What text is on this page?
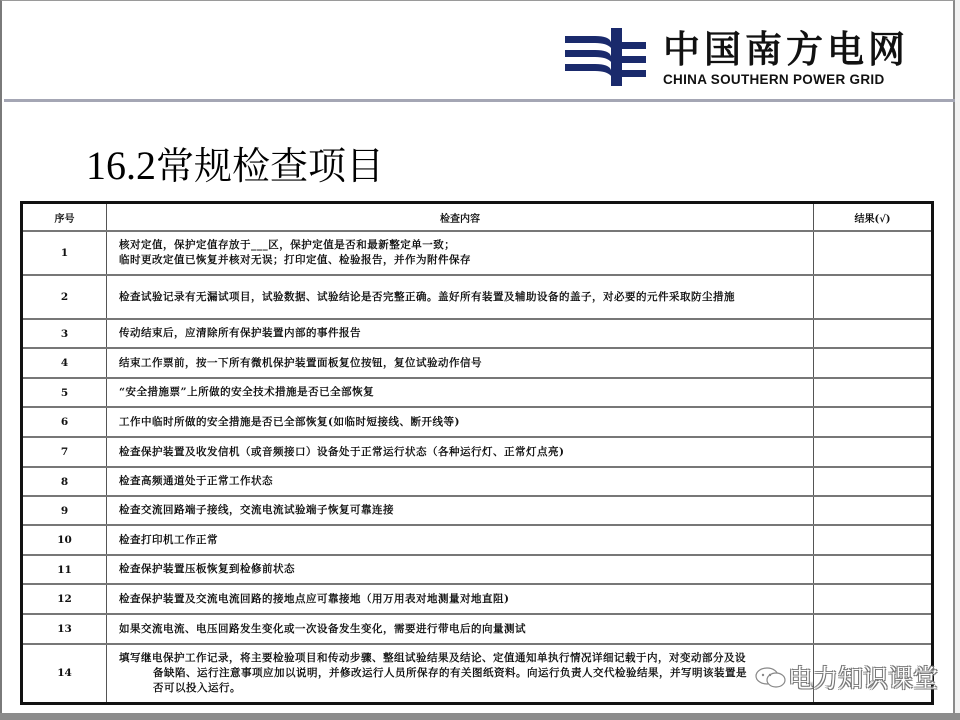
中国南方电网
CHINA SOUTHERN POWER GRID
16.2常规检查项目
序号	检查内容	结果(√)
1	核对定值，保护定值存放于___区，保护定值是否和最新整定单一致；
临时更改定值已恢复并核对无误；打印定值、检验报告，并作为附件保存	

2	检查试验记录有无漏试项目，试验数据、试验结论是否完整正确。盖好所有装置及辅助设备的盖子，对必要的元件采取防尘措施	

3	传动结束后，应清除所有保护装置内部的事件报告	

4	结束工作票前，按一下所有微机保护装置面板复位按钮，复位试验动作信号	

5	“安全措施票”上所做的安全技术措施是否已全部恢复	

6	工作中临时所做的安全措施是否已全部恢复(如临时短接线、断开线等)	

7	检查保护装置及收发信机（或音频接口）设备处于正常运行状态（各种运行灯、正常灯点亮)	

8	检查高频通道处于正常工作状态	

9	检查交流回路端子接线，交流电流试验端子恢复可靠连接	

10	检查打印机工作正常	

11	检查保护装置压板恢复到检修前状态	

12	检查保护装置及交流电流回路的接地点应可靠接地（用万用表对地测量对地直阻)	

13	如果交流电流、电压回路发生变化或一次设备发生变化，需要进行带电后的向量测试	

14	填写继电保护工作记录，将主要检验项目和传动步骤、整组试验结果及结论、定值通知单执行情况详细记载于内，对变动部分及设
备缺陷、运行注意事项应加以说明，并修改运行人员所保存的有关图纸资料。向运行负责人交代检验结果，并写明该装置是
否可以投入运行。	
		电力知识课堂
